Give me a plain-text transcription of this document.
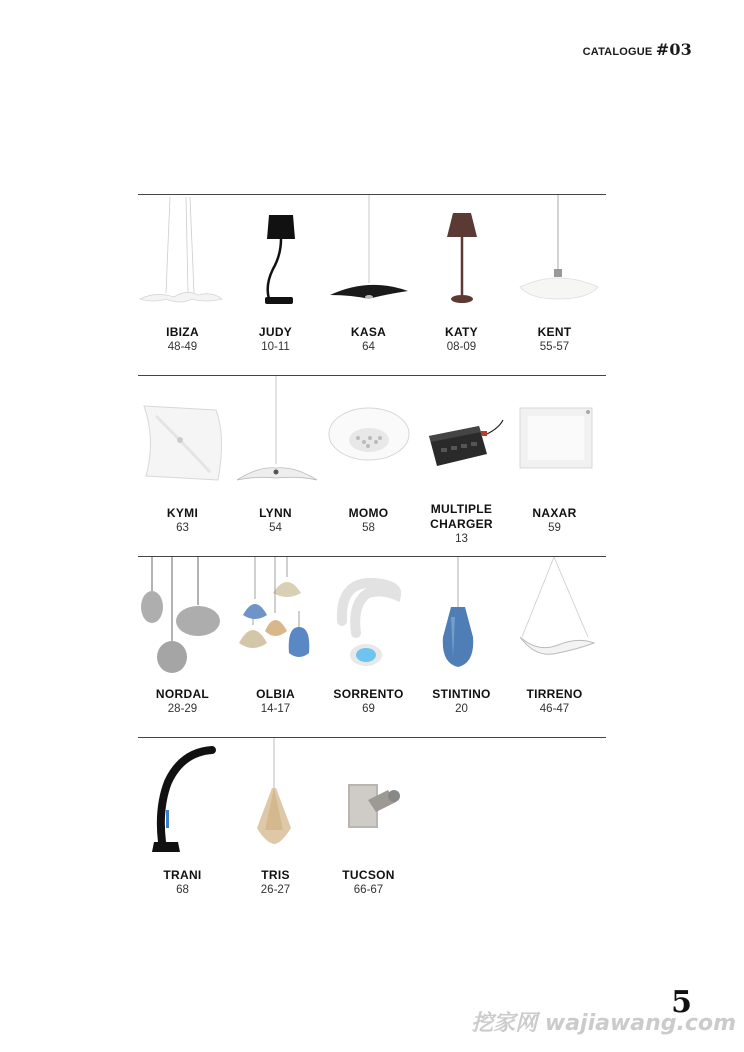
CATALOGUE #03
IBIZA
48-49
JUDY
10-11
KASA
64
KATY
08-09
KENT
55-57
KYMI
63
LYNN
54
MOMO
58
MULTIPLE CHARGER
13
NAXAR
59
NORDAL
28-29
OLBIA
14-17
SORRENTO
69
STINTINO
20
TIRRENO
46-47
TRANI
68
TRIS
26-27
TUCSON
66-67
5
挖家网 wajiawang.com
